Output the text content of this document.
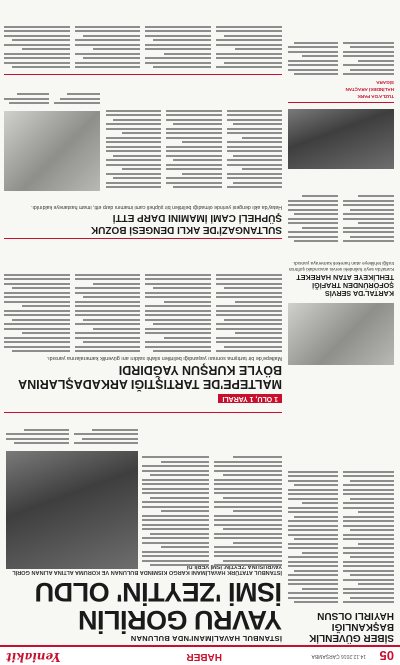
05
14.12.2016 ÇARŞAMBA
HABER
Yeniakit
İSTANBUL HAVALİMANI'NDA BULUNAN
YAVRU GORİLİN
İSMİ 'ZEYTİN' OLDU
İSTANBUL ATATÜRK HAVALİMANI KARGO KISMINDA BULUNAN VE KORUMA ALTINA ALINAN GORİL
SİBER GÜVENLİK
BAŞKANLIĞI
HAYIRLI OLSUN
1 ÖLÜ, 1 YARALI
MALTEPE'DE TARTIŞTIĞI ARKADAŞLARINA
BÖYLE KURŞUN YAĞDIRDI
Maltepe'de bir tartışma sonrası yaşandığı belirtilen silahlı saldırı anı güvenlik kameralarına yansıdı.
KARTAL'DA SERVİS
ŞOFÖRÜNDEN TRAFİĞİ
TEHLİKEYE ATAN HAREKET
Kartal'da seyir halindeki servis aracındaki şoförün trafiği tehlikeye atan hareketi kameraya yansıdı.
SULTANGAZİ'DE AKLI DENGESİ BOZUK
ŞÜPHELİ CAMİ İMAMINI DARP ETTİ
Hatay'da aklı dengesi yerinde olmadığı belirtilen bir şüpheli cami imamını darp etti, imam hastaneye kaldırıldı.
TUZLA'DA PARK
HALİNDEKİ ARAÇTAN
SİGARA
